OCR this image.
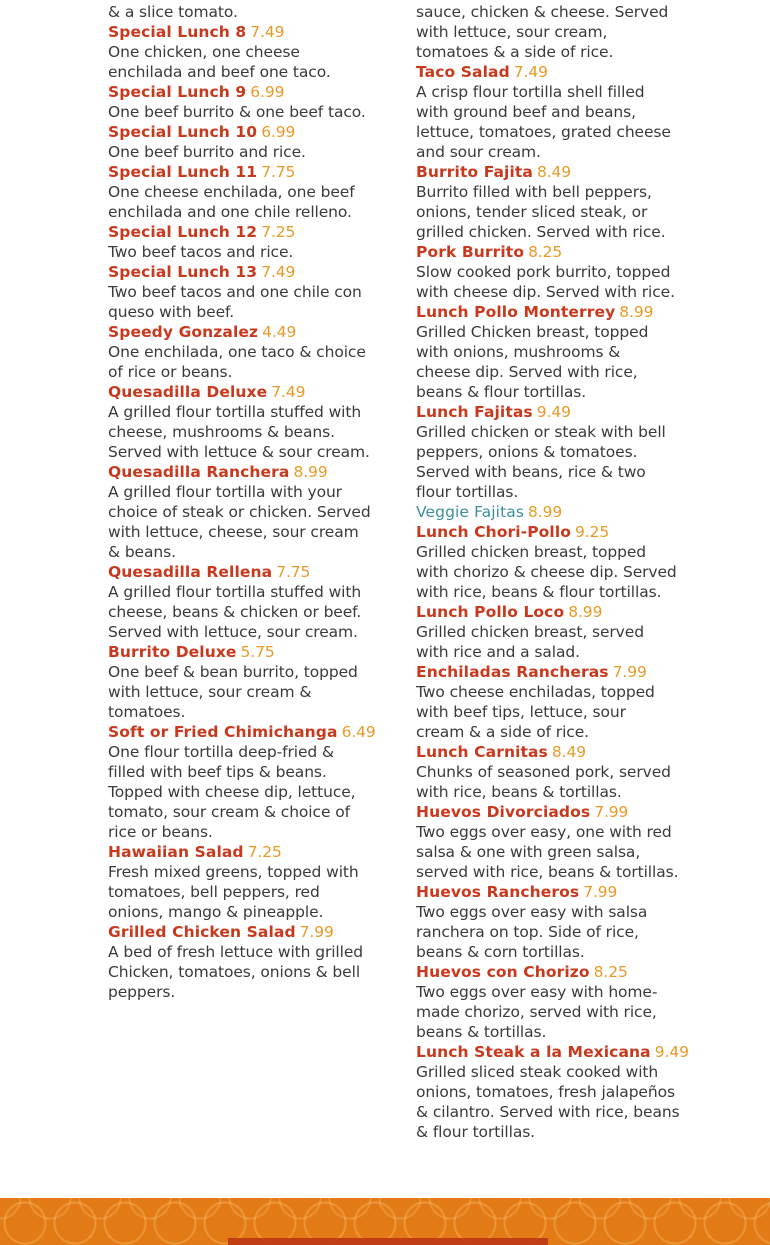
& a slice tomato.
Special Lunch 8 7.49
One chicken, one cheese
enchilada and beef one taco.
Special Lunch 9 6.99
One beef burrito & one beef taco.
Special Lunch 10 6.99
One beef burrito and rice.
Special Lunch 11 7.75
One cheese enchilada, one beef
enchilada and one chile relleno.
Special Lunch 12 7.25
Two beef tacos and rice.
Special Lunch 13 7.49
Two beef tacos and one chile con
queso with beef.
Speedy Gonzalez 4.49
One enchilada, one taco & choice
of rice or beans.
Quesadilla Deluxe 7.49
A grilled flour tortilla stuffed with
cheese, mushrooms & beans.
Served with lettuce & sour cream.
Quesadilla Ranchera 8.99
A grilled flour tortilla with your
choice of steak or chicken. Served
with lettuce, cheese, sour cream
& beans.
Quesadilla Rellena 7.75
A grilled flour tortilla stuffed with
cheese, beans & chicken or beef.
Served with lettuce, sour cream.
Burrito Deluxe 5.75
One beef & bean burrito, topped
with lettuce, sour cream &
tomatoes.
Soft or Fried Chimichanga 6.49
One flour tortilla deep-fried &
filled with beef tips & beans.
Topped with cheese dip, lettuce,
tomato, sour cream & choice of
rice or beans.
Hawaiian Salad 7.25
Fresh mixed greens, topped with
tomatoes, bell peppers, red
onions, mango & pineapple.
Grilled Chicken Salad 7.99
A bed of fresh lettuce with grilled
Chicken, tomatoes, onions & bell
peppers.
sauce, chicken & cheese. Served
with lettuce, sour cream,
tomatoes & a side of rice.
Taco Salad 7.49
A crisp flour tortilla shell filled
with ground beef and beans,
lettuce, tomatoes, grated cheese
and sour cream.
Burrito Fajita 8.49
Burrito filled with bell peppers,
onions, tender sliced steak, or
grilled chicken. Served with rice.
Pork Burrito 8.25
Slow cooked pork burrito, topped
with cheese dip. Served with rice.
Lunch Pollo Monterrey 8.99
Grilled Chicken breast, topped
with onions, mushrooms &
cheese dip. Served with rice,
beans & flour tortillas.
Lunch Fajitas 9.49
Grilled chicken or steak with bell
peppers, onions & tomatoes.
Served with beans, rice & two
flour tortillas.
Veggie Fajitas 8.99
Lunch Chori-Pollo 9.25
Grilled chicken breast, topped
with chorizo & cheese dip. Served
with rice, beans & flour tortillas.
Lunch Pollo Loco 8.99
Grilled chicken breast, served
with rice and a salad.
Enchiladas Rancheras 7.99
Two cheese enchiladas, topped
with beef tips, lettuce, sour
cream & a side of rice.
Lunch Carnitas 8.49
Chunks of seasoned pork, served
with rice, beans & tortillas.
Huevos Divorciados 7.99
Two eggs over easy, one with red
salsa & one with green salsa,
served with rice, beans & tortillas.
Huevos Rancheros 7.99
Two eggs over easy with salsa
ranchera on top. Side of rice,
beans & corn tortillas.
Huevos con Chorizo 8.25
Two eggs over easy with home-
made chorizo, served with rice,
beans & tortillas.
Lunch Steak a la Mexicana 9.49
Grilled sliced steak cooked with
onions, tomatoes, fresh jalapeños
& cilantro. Served with rice, beans
& flour tortillas.
